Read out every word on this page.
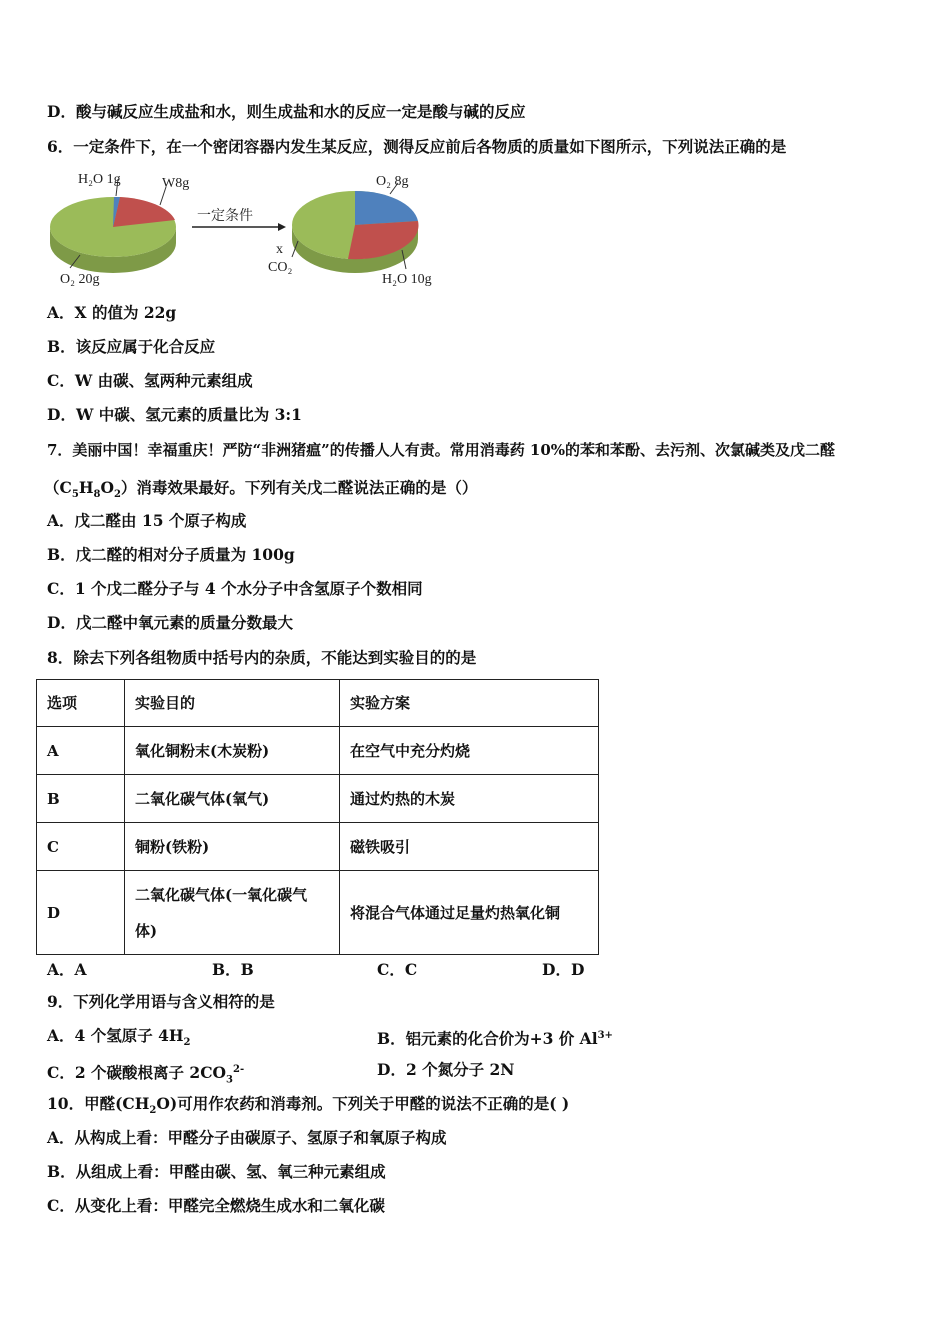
D．酸与碱反应生成盐和水，则生成盐和水的反应一定是酸与碱的反应
6．一定条件下，在一个密闭容器内发生某反应，测得反应前后各物质的质量如下图所示，下列说法正确的是
H₂O 1g	W8g
O₂ 20g
一定条件
O₂ 8g
x
CO₂
H₂O 10g
A．X 的值为 22g
B．该反应属于化合反应
C．W 由碳、氢两种元素组成
D．W 中碳、氢元素的质量比为 3:1
7．美丽中国！幸福重庆！严防“非洲猪瘟”的传播人人有责。常用消毒药 10%的苯和苯酚、去污剂、次氯碱类及戊二醛
$(C_5H_8O_2)$消毒效果最好。下列有关戊二醛说法正确的是（）
A．戊二醛由 15 个原子构成
B．戊二醛的相对分子质量为 100g
C．1 个戊二醛分子与 4 个水分子中含氢原子个数相同
D．戊二醛中氧元素的质量分数最大
8．除去下列各组物质中括号内的杂质，不能达到实验目的的是
选项	实验目的	实验方案
A	氧化铜粉末(木炭粉)	在空气中充分灼烧
B	二氧化碳气体(氧气)	通过灼热的木炭
C	铜粉(铁粉)	磁铁吸引
D	二氧化碳气体(一氧化碳气体)	将混合气体通过足量灼热氧化铜
A．A	B．B	C．C	D．D
9．下列化学用语与含义相符的是
A．4 个氢原子 $4H_2$	B．铝元素的化合价为+3 价 $Al^{3+}$
C．2 个碳酸根离子 $2CO_3^{2-}$	D．2 个氮分子 2N
10．甲醛$(CH_2O)$可用作农药和消毒剂。下列关于甲醛的说法不正确的是( )
A．从构成上看：甲醛分子由碳原子、氢原子和氧原子构成
B．从组成上看：甲醛由碳、氢、氧三种元素组成
C．从变化上看：甲醛完全燃烧生成水和二氧化碳
